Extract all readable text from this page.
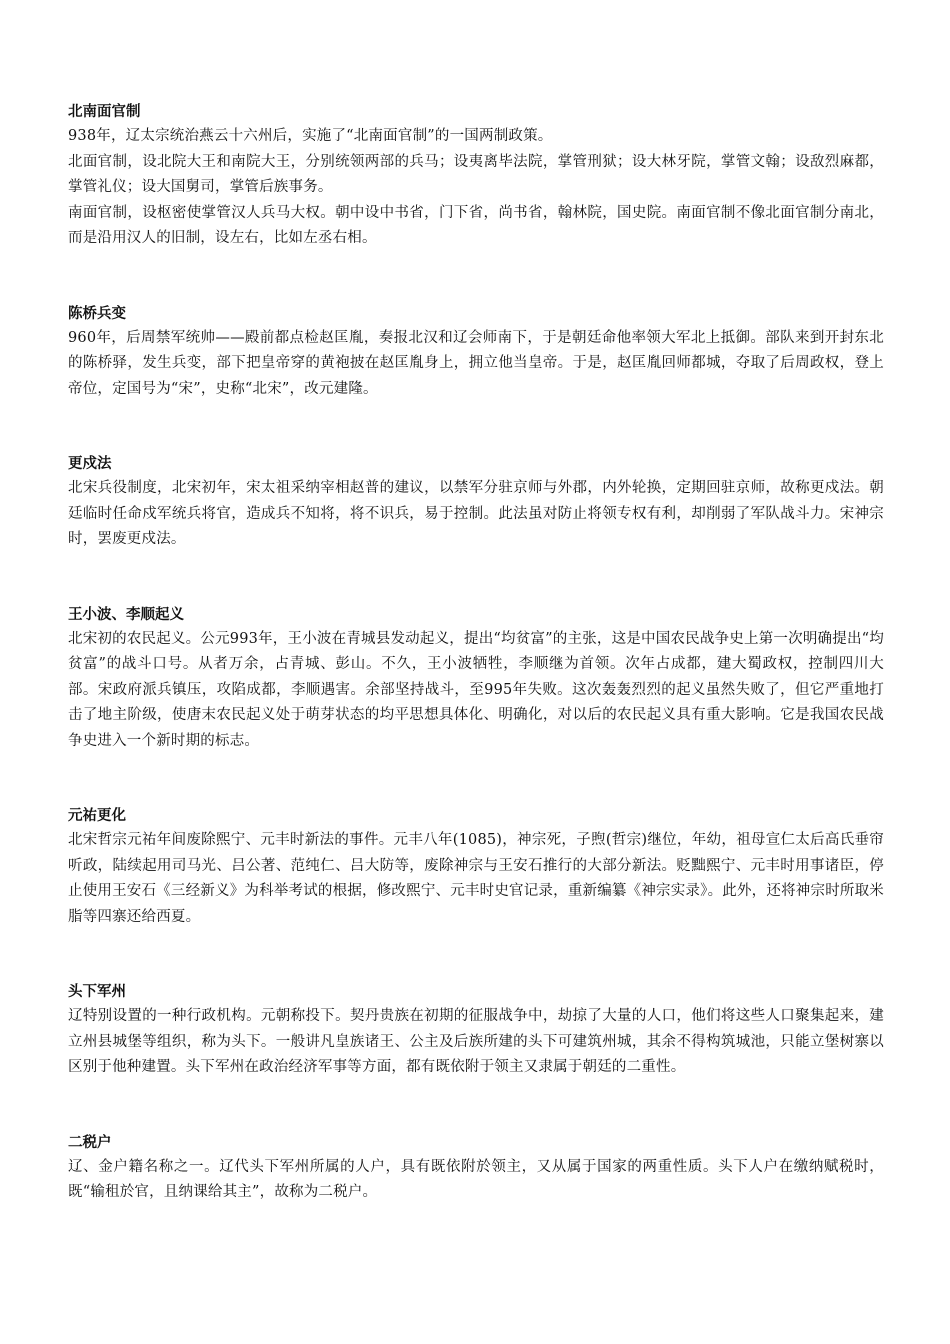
北南面官制

938年，辽太宗统治燕云十六州后，实施了“北南面官制”的一国两制政策。

北面官制，设北院大王和南院大王，分别统领两部的兵马；设夷离毕法院，掌管刑狱；设大林牙院，掌管文翰；设敌烈麻都，掌管礼仪；设大国舅司，掌管后族事务。

南面官制，设枢密使掌管汉人兵马大权。朝中设中书省，门下省，尚书省，翰林院，国史院。南面官制不像北面官制分南北，而是沿用汉人的旧制，设左右，比如左丞右相。

陈桥兵变

960年，后周禁军统帅——殿前都点检赵匡胤，奏报北汉和辽会师南下，于是朝廷命他率领大军北上抵御。部队来到开封东北的陈桥驿，发生兵变，部下把皇帝穿的黄袍披在赵匡胤身上，拥立他当皇帝。于是，赵匡胤回师都城，夺取了后周政权，登上帝位，定国号为“宋”，史称“北宋”，改元建隆。

更戍法

北宋兵役制度，北宋初年，宋太祖采纳宰相赵普的建议，以禁军分驻京师与外郡，内外轮换，定期回驻京师，故称更戍法。朝廷临时任命戍军统兵将官，造成兵不知将，将不识兵，易于控制。此法虽对防止将领专权有利，却削弱了军队战斗力。宋神宗时，罢废更戍法。

王小波、李顺起义

北宋初的农民起义。公元993年，王小波在青城县发动起义，提出“均贫富”的主张，这是中国农民战争史上第一次明确提出“均贫富”的战斗口号。从者万余，占青城、彭山。不久，王小波牺牲，李顺继为首领。次年占成都，建大蜀政权，控制四川大部。宋政府派兵镇压，攻陷成都，李顺遇害。余部坚持战斗，至995年失败。这次轰轰烈烈的起义虽然失败了，但它严重地打击了地主阶级，使唐末农民起义处于萌芽状态的均平思想具体化、明确化，对以后的农民起义具有重大影响。它是我国农民战争史进入一个新时期的标志。

元祐更化

北宋哲宗元祐年间废除熙宁、元丰时新法的事件。元丰八年(1085)，神宗死，子煦(哲宗)继位，年幼，祖母宣仁太后高氏垂帘听政，陆续起用司马光、吕公著、范纯仁、吕大防等，废除神宗与王安石推行的大部分新法。贬黜熙宁、元丰时用事诸臣，停止使用王安石《三经新义》为科举考试的根据，修改熙宁、元丰时史官记录，重新编纂《神宗实录》。此外，还将神宗时所取米脂等四寨还给西夏。

头下军州

辽特别设置的一种行政机构。元朝称投下。契丹贵族在初期的征服战争中，劫掠了大量的人口，他们将这些人口聚集起来，建立州县城堡等组织，称为头下。一般讲凡皇族诸王、公主及后族所建的头下可建筑州城，其余不得构筑城池，只能立堡树寨以区别于他种建置。头下军州在政治经济军事等方面，都有既依附于领主又隶属于朝廷的二重性。

二税户

辽、金户籍名称之一。辽代头下军州所属的人户，具有既依附於领主，又从属于国家的两重性质。头下人户在缴纳赋税时，既“输租於官，且纳课给其主”，故称为二税户。
